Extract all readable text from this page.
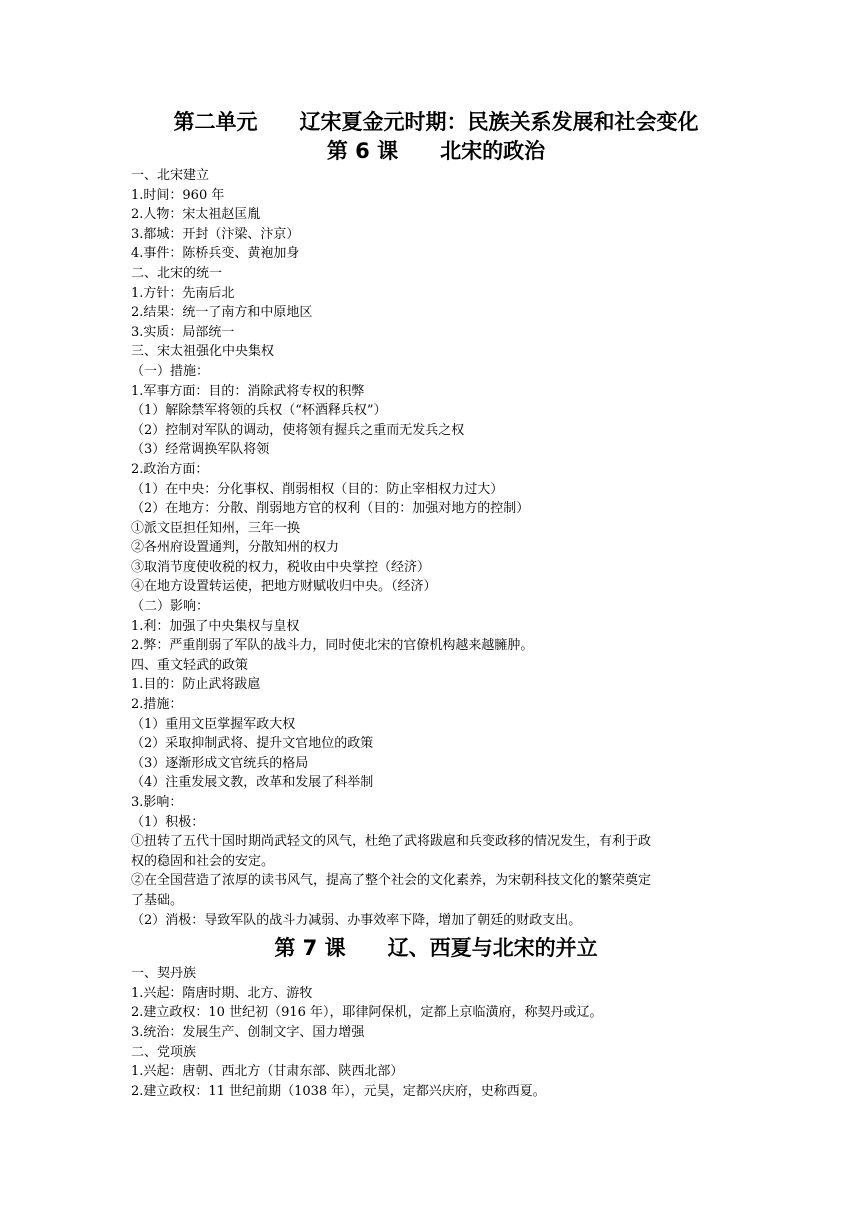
第二单元　　辽宋夏金元时期：民族关系发展和社会变化
第 6 课　　北宋的政治
一、北宋建立
1.时间：960 年
2.人物：宋太祖赵匡胤
3.都城：开封（汴梁、汴京）
4.事件：陈桥兵变、黄袍加身
二、北宋的统一
1.方针：先南后北
2.结果：统一了南方和中原地区
3.实质：局部统一
三、宋太祖强化中央集权
（一）措施：
1.军事方面：目的：消除武将专权的积弊
（1）解除禁军将领的兵权（“杯酒释兵权”）
（2）控制对军队的调动，使将领有握兵之重而无发兵之权
（3）经常调换军队将领
2.政治方面：
（1）在中央：分化事权、削弱相权（目的：防止宰相权力过大）
（2）在地方：分散、削弱地方官的权利（目的：加强对地方的控制）
①派文臣担任知州，三年一换
②各州府设置通判，分散知州的权力
③取消节度使收税的权力，税收由中央掌控（经济）
④在地方设置转运使，把地方财赋收归中央。（经济）
（二）影响：
1.利：加强了中央集权与皇权
2.弊：严重削弱了军队的战斗力，同时使北宋的官僚机构越来越臃肿。
四、重文轻武的政策
1.目的：防止武将跋扈
2.措施：
（1）重用文臣掌握军政大权
（2）采取抑制武将、提升文官地位的政策
（3）逐渐形成文官统兵的格局
（4）注重发展文教，改革和发展了科举制
3.影响：
（1）积极：
①扭转了五代十国时期尚武轻文的风气，杜绝了武将跋扈和兵变政移的情况发生，有利于政
权的稳固和社会的安定。
②在全国营造了浓厚的读书风气，提高了整个社会的文化素养，为宋朝科技文化的繁荣奠定
了基础。
（2）消极：导致军队的战斗力减弱、办事效率下降，增加了朝廷的财政支出。
第 7 课　　辽、西夏与北宋的并立
一、契丹族
1.兴起：隋唐时期、北方、游牧
2.建立政权：10 世纪初（916 年），耶律阿保机，定都上京临潢府，称契丹或辽。
3.统治：发展生产、创制文字、国力增强
二、党项族
1.兴起：唐朝、西北方（甘肃东部、陕西北部）
2.建立政权：11 世纪前期（1038 年），元昊，定都兴庆府，史称西夏。
